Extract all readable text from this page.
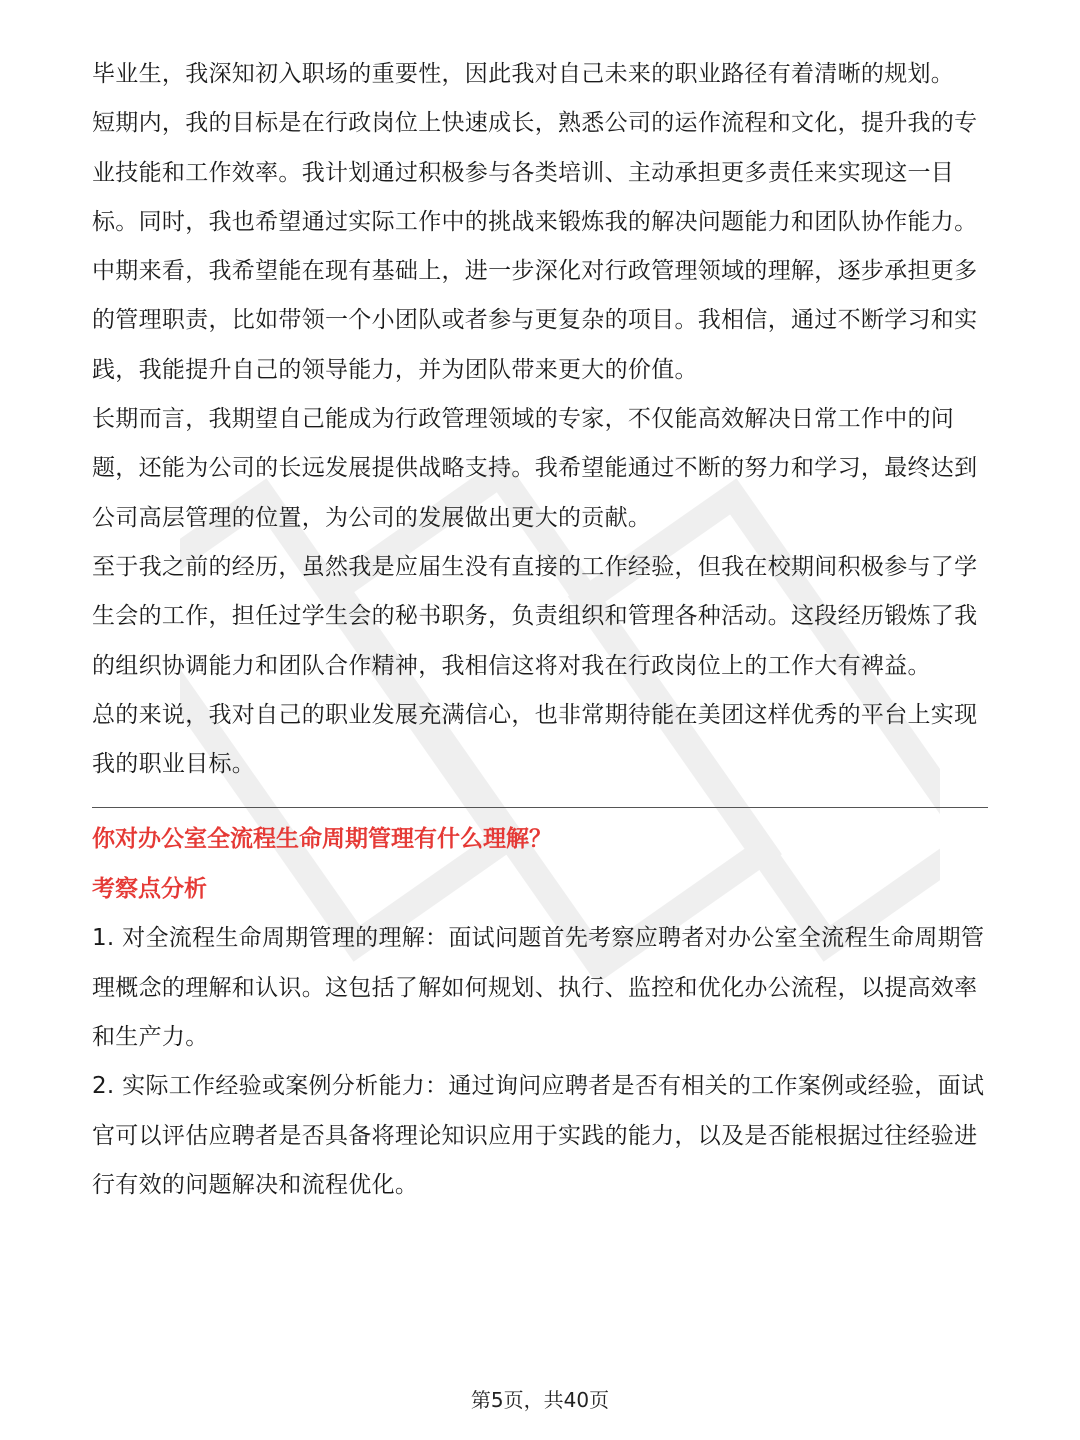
毕业生，我深知初入职场的重要性，因此我对自己未来的职业路径有着清晰的规划。

短期内，我的目标是在行政岗位上快速成长，熟悉公司的运作流程和文化，提升我的专业技能和工作效率。我计划通过积极参与各类培训、主动承担更多责任来实现这一目标。同时，我也希望通过实际工作中的挑战来锻炼我的解决问题能力和团队协作能力。

中期来看，我希望能在现有基础上，进一步深化对行政管理领域的理解，逐步承担更多的管理职责，比如带领一个小团队或者参与更复杂的项目。我相信，通过不断学习和实践，我能提升自己的领导能力，并为团队带来更大的价值。

长期而言，我期望自己能成为行政管理领域的专家，不仅能高效解决日常工作中的问题，还能为公司的长远发展提供战略支持。我希望能通过不断的努力和学习，最终达到公司高层管理的位置，为公司的发展做出更大的贡献。

至于我之前的经历，虽然我是应届生没有直接的工作经验，但我在校期间积极参与了学生会的工作，担任过学生会的秘书职务，负责组织和管理各种活动。这段经历锻炼了我的组织协调能力和团队合作精神，我相信这将对我在行政岗位上的工作大有裨益。

总的来说，我对自己的职业发展充满信心，也非常期待能在美团这样优秀的平台上实现我的职业目标。

你对办公室全流程生命周期管理有什么理解？

考察点分析

1. 对全流程生命周期管理的理解：面试问题首先考察应聘者对办公室全流程生命周期管理概念的理解和认识。这包括了解如何规划、执行、监控和优化办公流程，以提高效率和生产力。

2. 实际工作经验或案例分析能力：通过询问应聘者是否有相关的工作案例或经验，面试官可以评估应聘者是否具备将理论知识应用于实践的能力，以及是否能根据过往经验进行有效的问题解决和流程优化。

第5页，共40页
